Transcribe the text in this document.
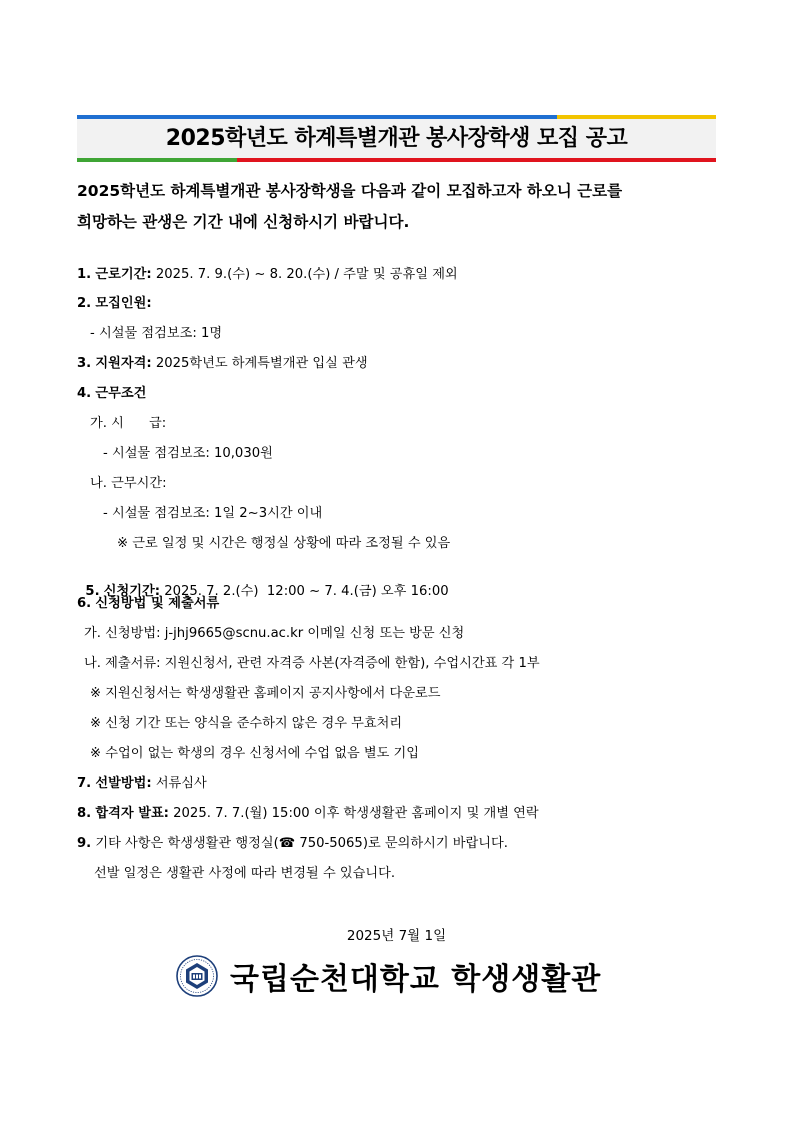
2025학년도 하계특별개관 봉사장학생 모집 공고

2025학년도 하계특별개관 봉사장학생을 다음과 같이 모집하고자 하오니 근로를

희망하는 관생은 기간 내에 신청하시기 바랍니다.

1. 근로기간: 2025. 7. 9.(수) ~ 8. 20.(수) / 주말 및 공휴일 제외
2. 모집인원:
- 시설물 점검보조: 1명
3. 지원자격: 2025학년도 하계특별개관 입실 관생
4. 근무조건
가. 시      급:
- 시설물 점검보조: 10,030원
나. 근무시간:
- 시설물 점검보조: 1일 2~3시간 이내
※ 근로 일정 및 시간은 행정실 상황에 따라 조정될 수 있음

5. 신청기간: 2025. 7. 2.(수)  12:00 ~ 7. 4.(금) 오후 16:00

6. 신청방법 및 제출서류
가. 신청방법: j-jhj9665@scnu.ac.kr 이메일 신청 또는 방문 신청
나. 제출서류: 지원신청서, 관련 자격증 사본(자격증에 한함), 수업시간표 각 1부
※ 지원신청서는 학생생활관 홈페이지 공지사항에서 다운로드
※ 신청 기간 또는 양식을 준수하지 않은 경우 무효처리
※ 수업이 없는 학생의 경우 신청서에 수업 없음 별도 기입
7. 선발방법: 서류심사
8. 합격자 발표: 2025. 7. 7.(월) 15:00 이후 학생생활관 홈페이지 및 개별 연락
9. 기타 사항은 학생생활관 행정실(☎ 750-5065)로 문의하시기 바랍니다.
선발 일정은 생활관 사정에 따라 변경될 수 있습니다.
2025년 7월 1일
국립순천대학교 학생생활관
